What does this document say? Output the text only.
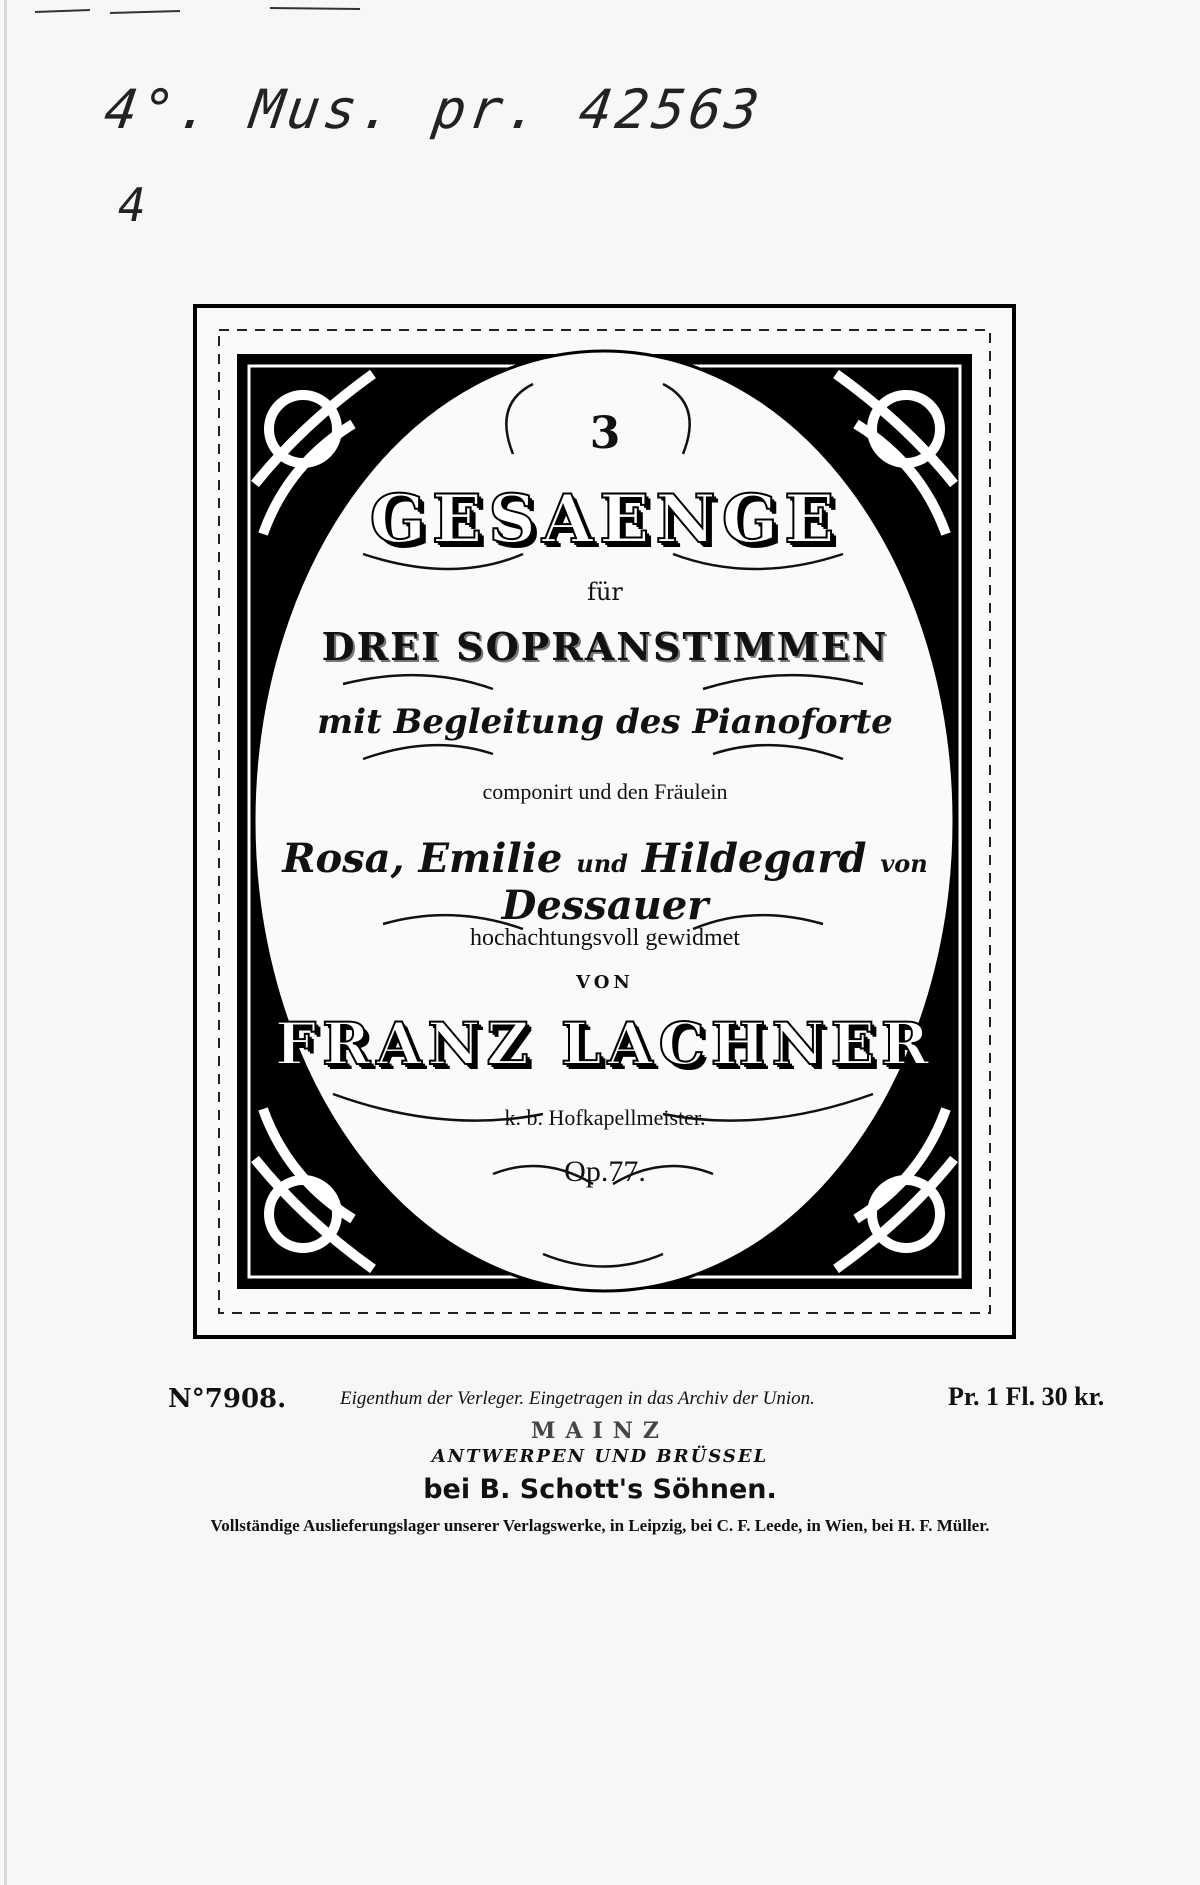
4°. Mus. pr. 42563
4
3
GESAENGE
für
DREI SOPRANSTIMMEN
mit Begleitung des Pianoforte
componirt und den Fräulein
Rosa, Emilie und Hildegard von Dessauer
hochachtungsvoll gewidmet
VON
FRANZ LACHNER
k. b. Hofkapellmeister.
Op.77.
N°7908.	Eigenthum der Verleger. Eingetragen in das Archiv der Union.	Pr. 1 Fl. 30 kr.
MAINZ
ANTWERPEN UND BRÜSSEL
bei B. Schott's Söhnen.
Vollständige Auslieferungslager unserer Verlagswerke, in Leipzig, bei C. F. Leede, in Wien, bei H. F. Müller.
